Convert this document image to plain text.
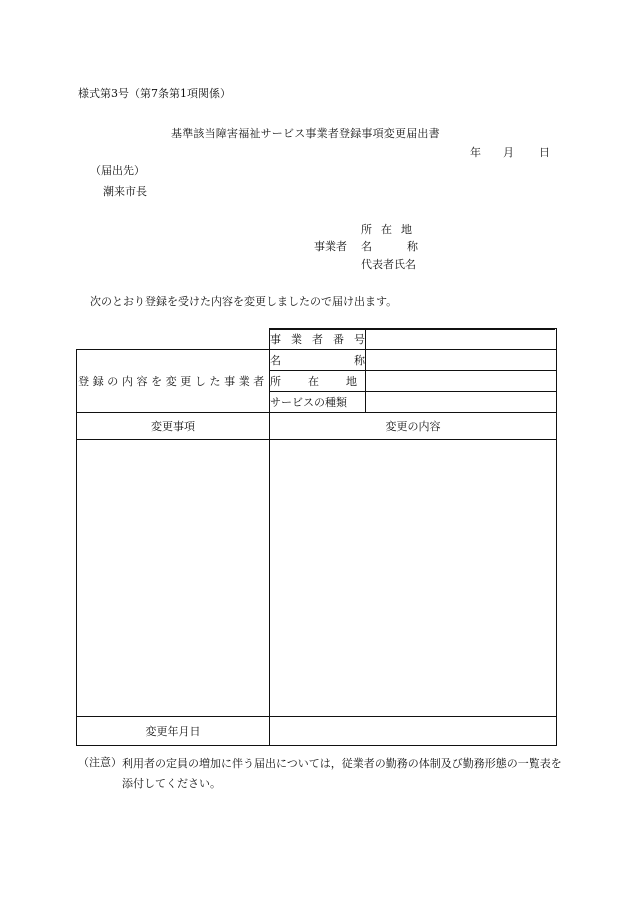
様式第3号（第7条第1項関係）
基準該当障害福祉サービス事業者登録事項変更届出書
年 月 日
（届出先）
潮来市長
所在地
事業者 名称
代表者氏名
次のとおり登録を受けた内容を変更しましたので届け出ます。

	事業者番号	

登録の内容を変更した事業者	名称	

	所在地	

	サービスの種類	
変更事項	変更の内容	

変更年月日		
（注意） 利用者の定員の増加に伴う届出については，従業者の勤務の体制及び勤務形態の一覧表を添付してください。
